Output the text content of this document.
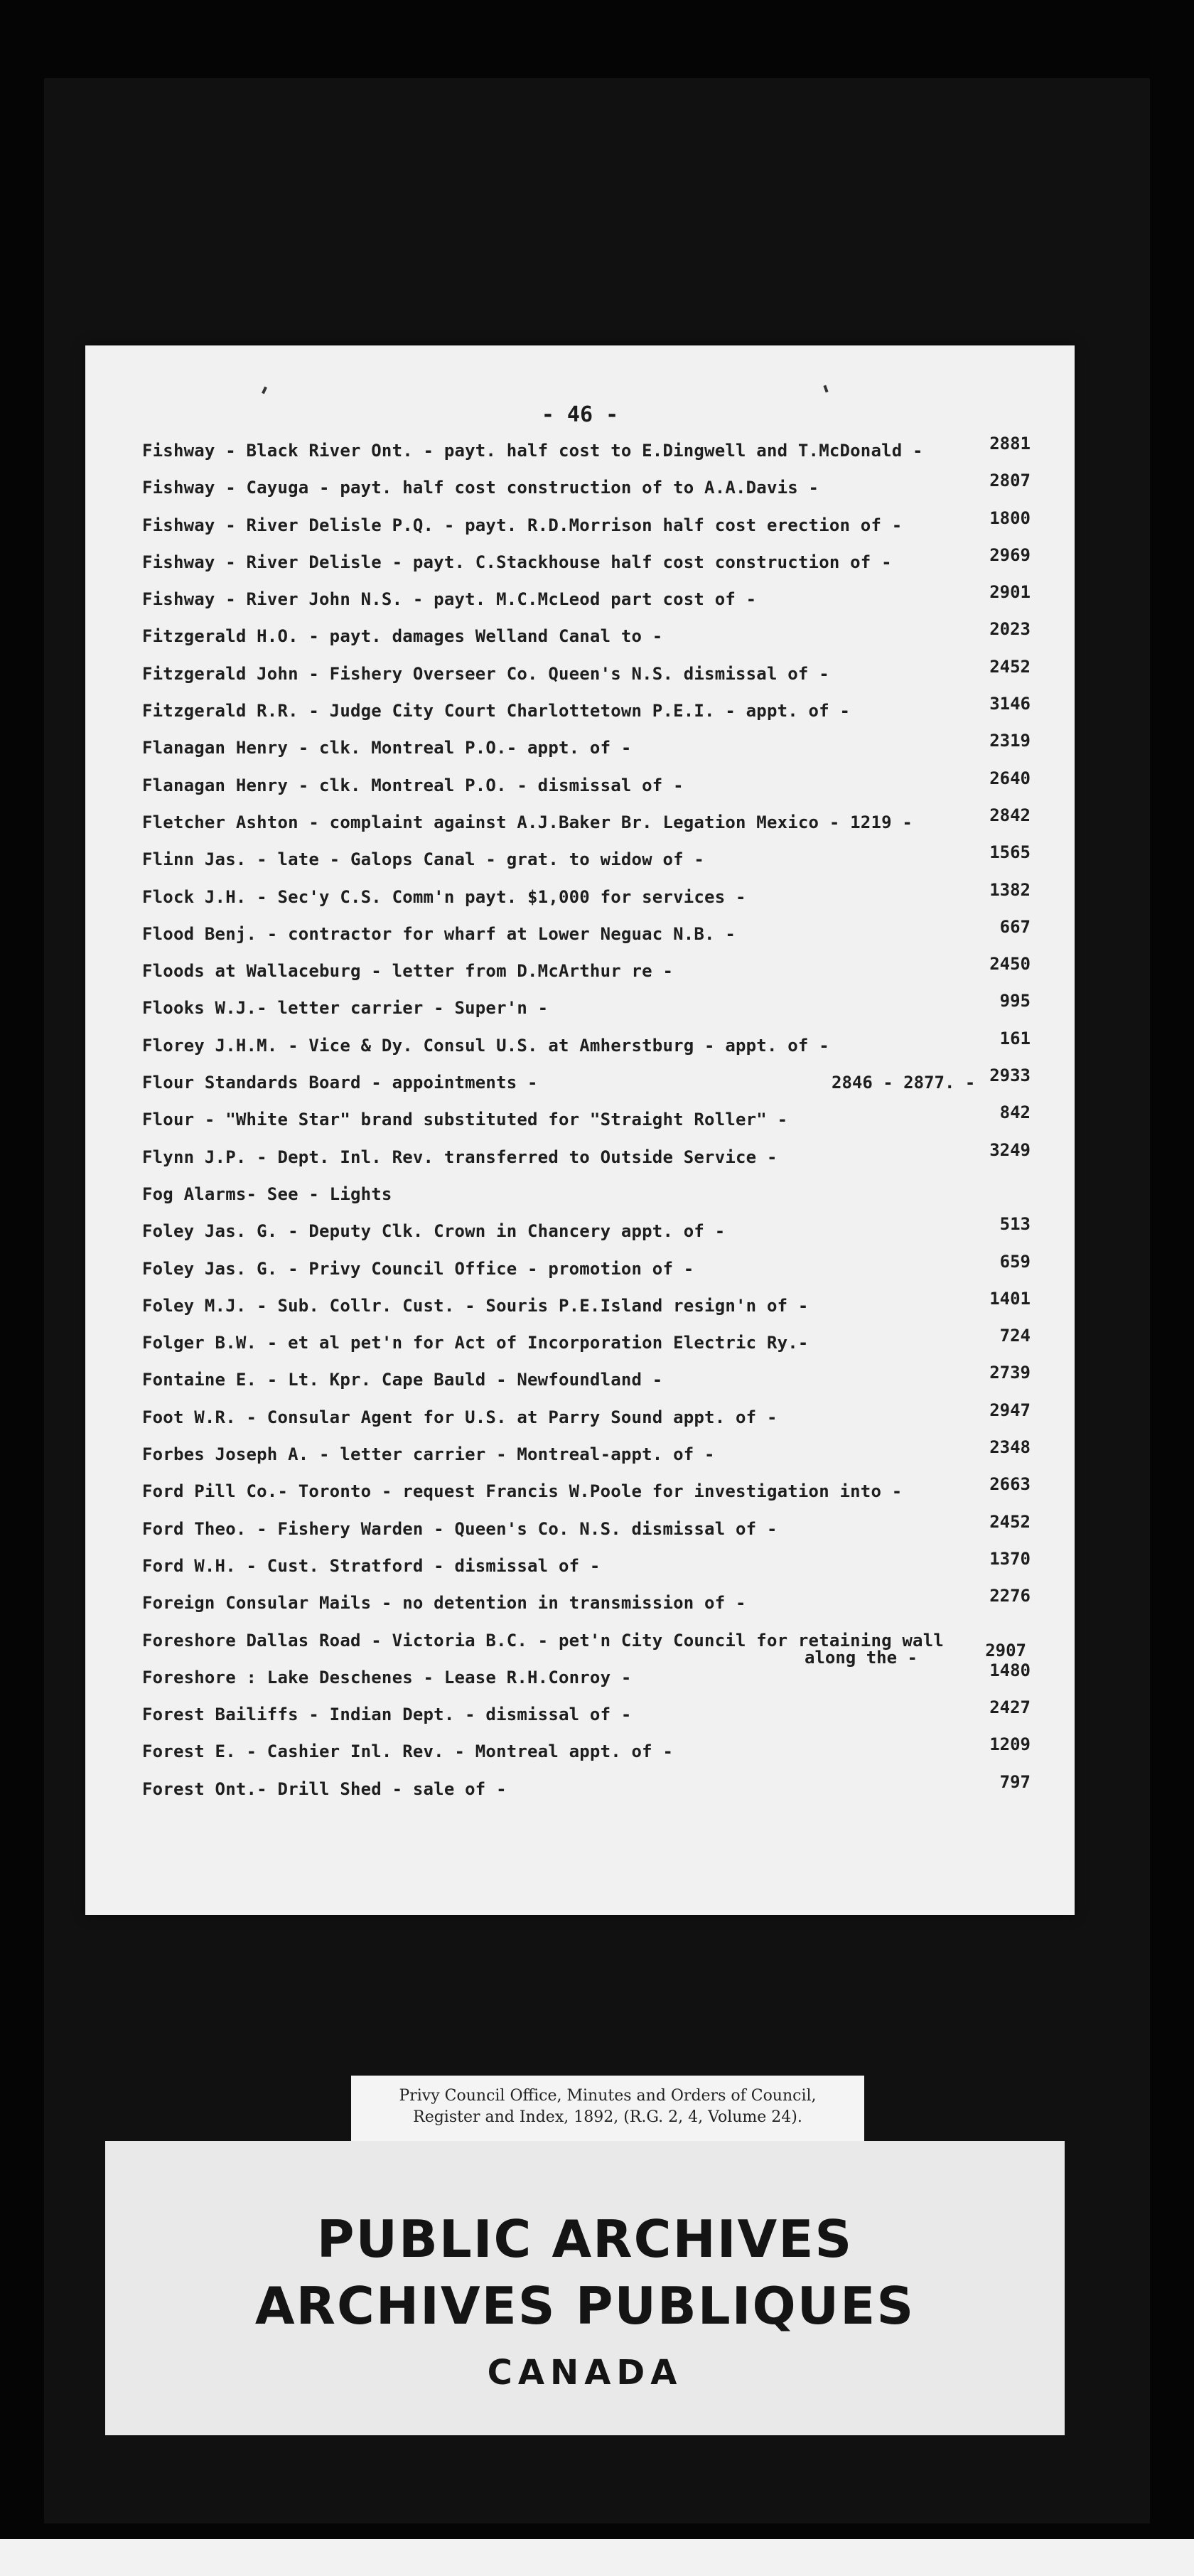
- 46 -
Fishway - Black River Ont. - payt. half cost to E.Dingwell and T.McDonald -	2881
Fishway - Cayuga - payt. half cost construction of to A.A.Davis -	2807
Fishway - River Delisle P.Q. - payt. R.D.Morrison half cost erection of -	1800
Fishway - River Delisle - payt. C.Stackhouse half cost construction of -	2969
Fishway - River John N.S. - payt. M.C.McLeod part cost of -	2901
Fitzgerald H.O. - payt. damages Welland Canal to -	2023
Fitzgerald John - Fishery Overseer Co. Queen's N.S. dismissal of -	2452
Fitzgerald R.R. - Judge City Court Charlottetown P.E.I. - appt. of -	3146
Flanagan Henry - clk. Montreal P.O.- appt. of -	2319
Flanagan Henry - clk. Montreal P.O. - dismissal of -	2640
Fletcher Ashton - complaint against A.J.Baker Br. Legation Mexico - 1219 -	2842
Flinn Jas. - late - Galops Canal - grat. to widow of -	1565
Flock J.H. - Sec'y C.S. Comm'n payt. $1,000 for services -	1382
Flood Benj. - contractor for wharf at Lower Neguac N.B. -	667
Floods at Wallaceburg - letter from D.McArthur re -	2450
Flooks W.J.- letter carrier - Super'n -	995
Florey J.H.M. - Vice & Dy. Consul U.S. at Amherstburg - appt. of -	161
Flour Standards Board - appointments -	2846 - 2877. - 2933
Flour - "White Star" brand substituted for "Straight Roller" -	842
Flynn J.P. - Dept. Inl. Rev. transferred to Outside Service -	3249
Fog Alarms- See - Lights
Foley Jas. G. - Deputy Clk. Crown in Chancery appt. of -	513
Foley Jas. G. - Privy Council Office - promotion of -	659
Foley M.J. - Sub. Collr. Cust. - Souris P.E.Island resign'n of -	1401
Folger B.W. - et al pet'n for Act of Incorporation Electric Ry.-	724
Fontaine E. - Lt. Kpr. Cape Bauld - Newfoundland -	2739
Foot W.R. - Consular Agent for U.S. at Parry Sound appt. of -	2947
Forbes Joseph A. - letter carrier - Montreal-appt. of -	2348
Ford Pill Co.- Toronto - request Francis W.Poole for investigation into -	2663
Ford Theo. - Fishery Warden - Queen's Co. N.S. dismissal of -	2452
Ford W.H. - Cust. Stratford - dismissal of -	1370
Foreign Consular Mails - no detention in transmission of -	2276
Foreshore Dallas Road - Victoria B.C. - pet'n City Council for retaining wall
along the -	2907
Foreshore : Lake Deschenes - Lease R.H.Conroy -	1480
Forest Bailiffs - Indian Dept. - dismissal of -	2427
Forest E. - Cashier Inl. Rev. - Montreal appt. of -	1209
Forest Ont.- Drill Shed - sale of -	797
Privy Council Office, Minutes and Orders of Council,
Register and Index, 1892, (R.G. 2, 4, Volume 24).
PUBLIC ARCHIVES
ARCHIVES PUBLIQUES
CANADA
